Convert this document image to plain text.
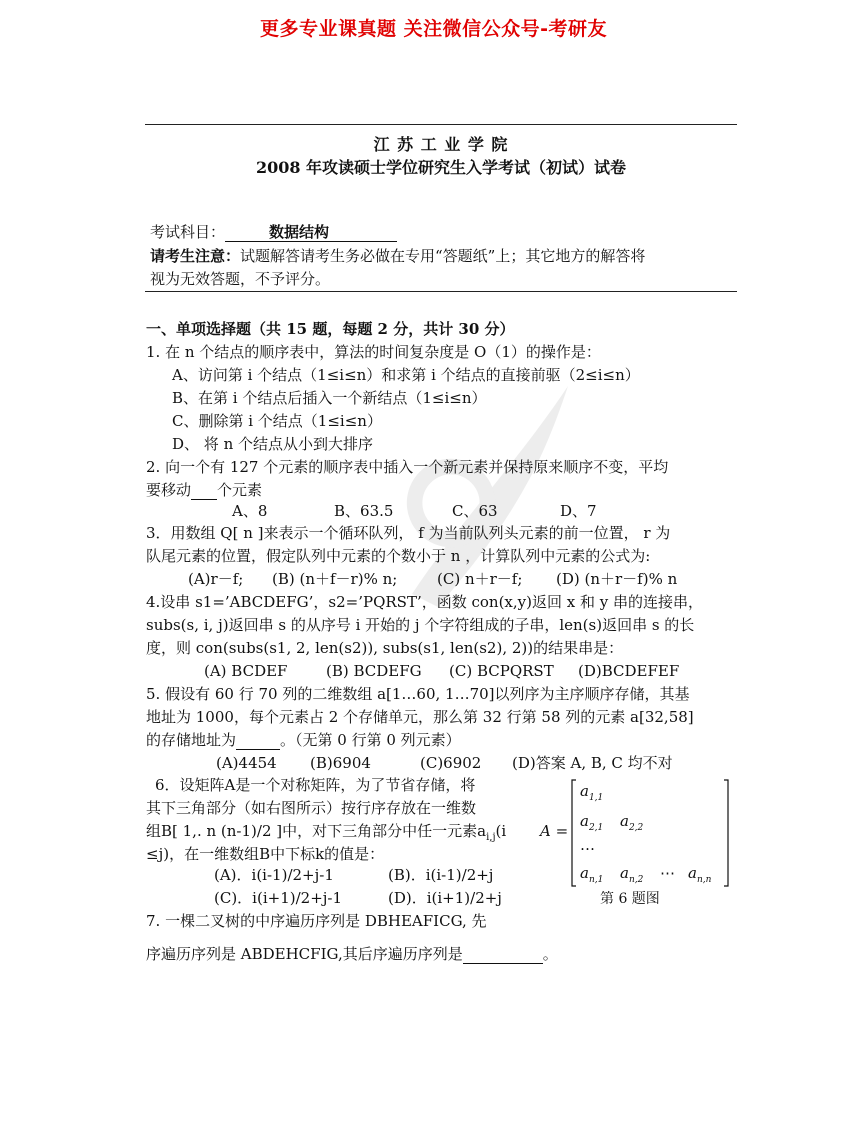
更多专业课真题 关注微信公众号-考研友
江 苏 工 业 学 院
2008 年攻读硕士学位研究生入学考试（初试）试卷
考试科目：	数据结构
请考生注意：试题解答请考生务必做在专用“答题纸”上；其它地方的解答将
视为无效答题，不予评分。
一、单项选择题（共 15 题，每题 2 分，共计 30 分）
1. 在 n 个结点的顺序表中，算法的时间复杂度是 O（1）的操作是：
A、访问第 i 个结点（1≤i≤n）和求第 i 个结点的直接前驱（2≤i≤n）
B、在第 i 个结点后插入一个新结点（1≤i≤n）
C、删除第 i 个结点（1≤i≤n）
D、 将 n 个结点从小到大排序
2. 向一个有 127 个元素的顺序表中插入一个新元素并保持原来顺序不变，平均
要移动 个元素
A、8	B、63.5	C、63	D、7
3．用数组 Q[ n ]来表示一个循环队列， f 为当前队列头元素的前一位置， r 为
队尾元素的位置，假定队列中元素的个数小于 n ，计算队列中元素的公式为:
(A)r－f; (B) (n＋f－r)% n;	(C) n＋r－f; (D) (n＋r－f)% n
4.设串 s1=’ABCDEFG’，s2=’PQRST’，函数 con(x,y)返回 x 和 y 串的连接串，
subs(s, i, j)返回串 s 的从序号 i 开始的 j 个字符组成的子串，len(s)返回串 s 的长
度，则 con(subs(s1, 2, len(s2)), subs(s1, len(s2), 2))的结果串是：
(A) BCDEF	(B) BCDEFG (C) BCPQRST (D)BCDEFEF
5. 假设有 60 行 70 列的二维数组 a[1…60, 1…70]以列序为主序顺序存储，其基
地址为 1000，每个元素占 2 个存储单元，那么第 32 行第 58 列的元素 a[32,58]
的存储地址为	。（无第 0 行第 0 列元素）
(A)4454 (B)6904	(C)6902 (D)答案 A, B, C 均不对
6．设矩阵A是一个对称矩阵，为了节省存储，将
其下三角部分（如右图所示）按行序存放在一维数
组B[ 1,. n (n-1)/2 ]中，对下三角部分中任一元素$a_{i,j}(i$
≤j)，在一维数组B中下标k的值是：
(A)．i(i-1)/2+j-1	(B)．i(i-1)/2+j
(C)．i(i+1)/2+j-1	(D)．i(i+1)/2+j
A =
$a_{1,1}$
$a_{2,1}$ $a_{2,2}$
…
$a_{n,1}$ $a_{n,2}$ ⋯ $a_{n,n}$
第 6 题图
7. 一棵二叉树的中序遍历序列是 DBHEAFICG, 先
序遍历序列是 ABDEHCFIG,其后序遍历序列是	。
